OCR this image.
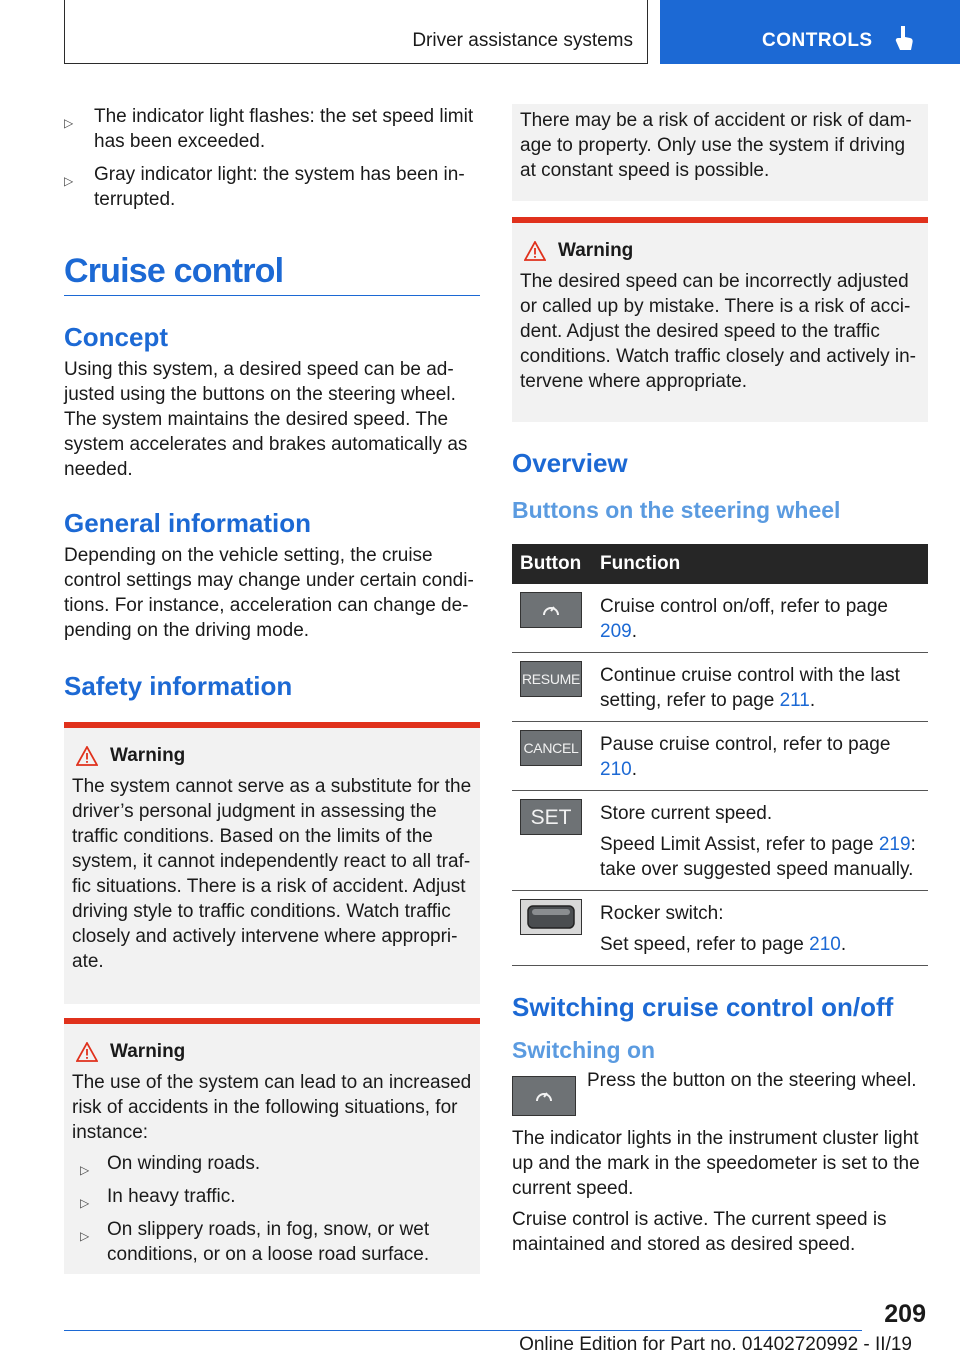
Driver assistance systems	CONTROLS
▷ The indicator light flashes: the set speed limit has been exceeded.
▷ Gray indicator light: the system has been in-terrupted.
Cruise control
Concept

Using this system, a desired speed can be ad-justed using the buttons on the steering wheel. The system maintains the desired speed. The system accelerates and brakes automatically as needed.

General information

Depending on the vehicle setting, the cruise control settings may change under certain condi-tions. For instance, acceleration can change de-pending on the driving mode.

Safety information
Warning

The system cannot serve as a substitute for the driver’s personal judgment in assessing the traffic conditions. Based on the limits of the system, it cannot independently react to all traf-fic situations. There is a risk of accident. Adjust driving style to traffic conditions. Watch traffic closely and actively intervene where appropri-ate.

Warning

The use of the system can lead to an increased risk of accidents in the following situations, for instance:

▷ On winding roads.
▷ In heavy traffic.
▷ On slippery roads, in fog, snow, or wet conditions, or on a loose road surface.

There may be a risk of accident or risk of dam-age to property. Only use the system if driving at constant speed is possible.

Warning

The desired speed can be incorrectly adjusted or called up by mistake. There is a risk of acci-dent. Adjust the desired speed to the traffic conditions. Watch traffic closely and actively in-tervene where appropriate.

Overview
Buttons on the steering wheel
Button	Function

Cruise control on/off, refer to page 209.

RESUME	Continue cruise control with the last setting, refer to page 211.

CANCEL	Pause cruise control, refer to page 210.

SET	Store current speed.

Speed Limit Assist, refer to page 219: take over suggested speed manually.

Rocker switch:

Set speed, refer to page 210.

Switching cruise control on/off
Switching on

Press the button on the steering wheel.

The indicator lights in the instrument cluster light up and the mark in the speedometer is set to the current speed.

Cruise control is active. The current speed is maintained and stored as desired speed.

209
Online Edition for Part no. 01402720992 - II/19
